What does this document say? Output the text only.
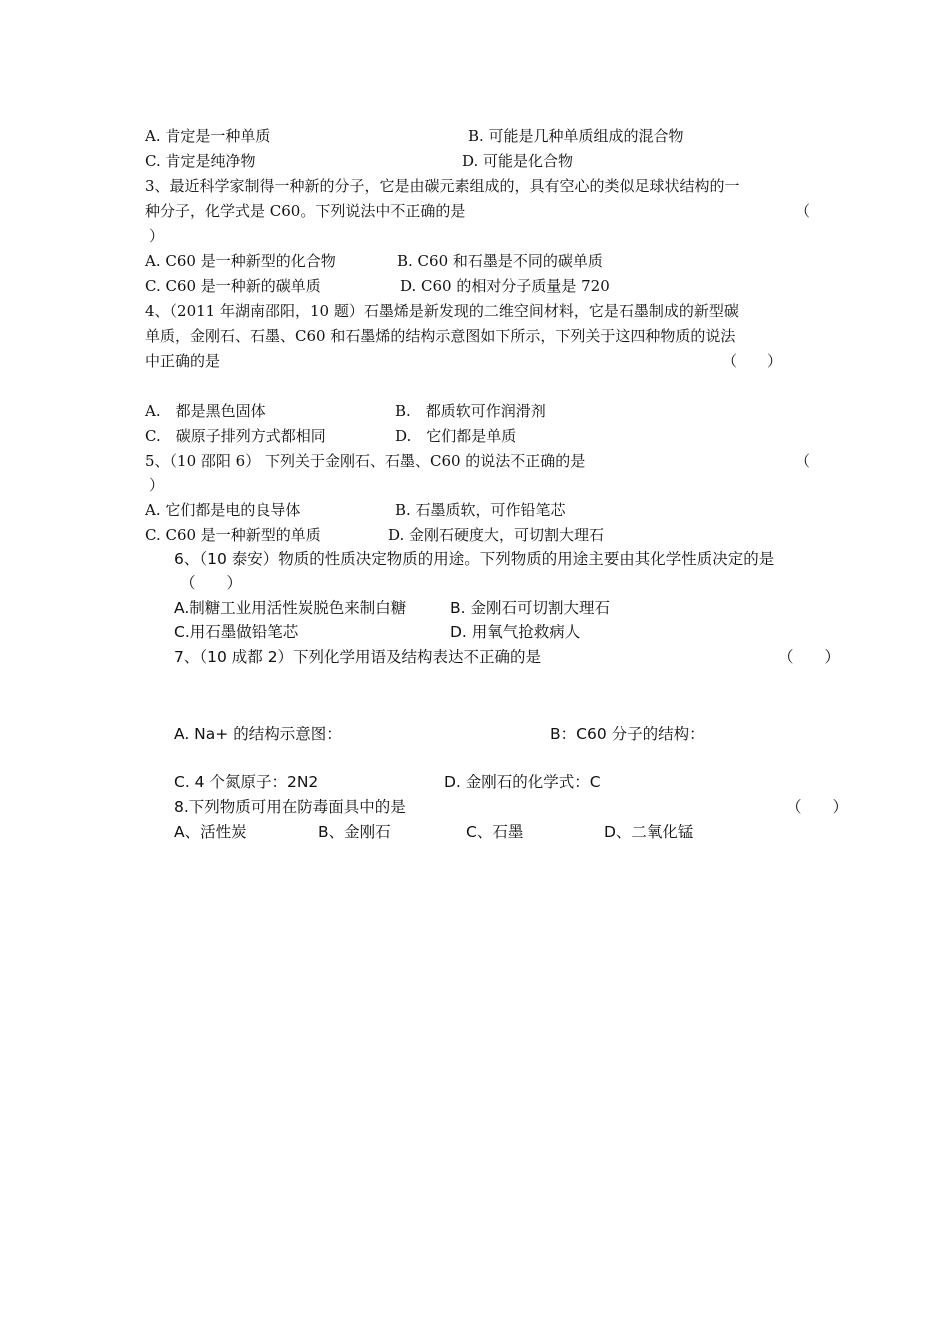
A. 肯定是一种单质	B. 可能是几种单质组成的混合物
C. 肯定是纯净物	D. 可能是化合物
3、最近科学家制得一种新的分子，它是由碳元素组成的，具有空心的类似足球状结构的一
种分子，化学式是 C60。下列说法中不正确的是	（
）
A. C60 是一种新型的化合物	B. C60 和石墨是不同的碳单质
C. C60 是一种新的碳单质	D. C60 的相对分子质量是 720
4、（2011 年湖南邵阳，10 题）石墨烯是新发现的二维空间材料，它是石墨制成的新型碳
单质，金刚石、石墨、C60 和石墨烯的结构示意图如下所示，下列关于这四种物质的说法
中正确的是	（　　）
A.　都是黑色固体	B.　都质软可作润滑剂
C.　碳原子排列方式都相同	D.　它们都是单质
5、（10 邵阳 6） 下列关于金刚石、石墨、C60 的说法不正确的是	（
）
A. 它们都是电的良导体	B. 石墨质软，可作铅笔芯
C. C60 是一种新型的单质	D. 金刚石硬度大，可切割大理石
6、（10 泰安）物质的性质决定物质的用途。下列物质的用途主要由其化学性质决定的是
（　　）
A.制糖工业用活性炭脱色来制白糖	B. 金刚石可切割大理石
C.用石墨做铅笔芯	D. 用氧气抢救病人
7、（10 成都 2）下列化学用语及结构表达不正确的是	（　　）
A. Na+ 的结构示意图：	B：C60 分子的结构：
C. 4 个氮原子：2N2	D. 金刚石的化学式：C
8.下列物质可用在防毒面具中的是	（　　）
A、活性炭	B、金刚石	C、石墨	D、二氧化锰
